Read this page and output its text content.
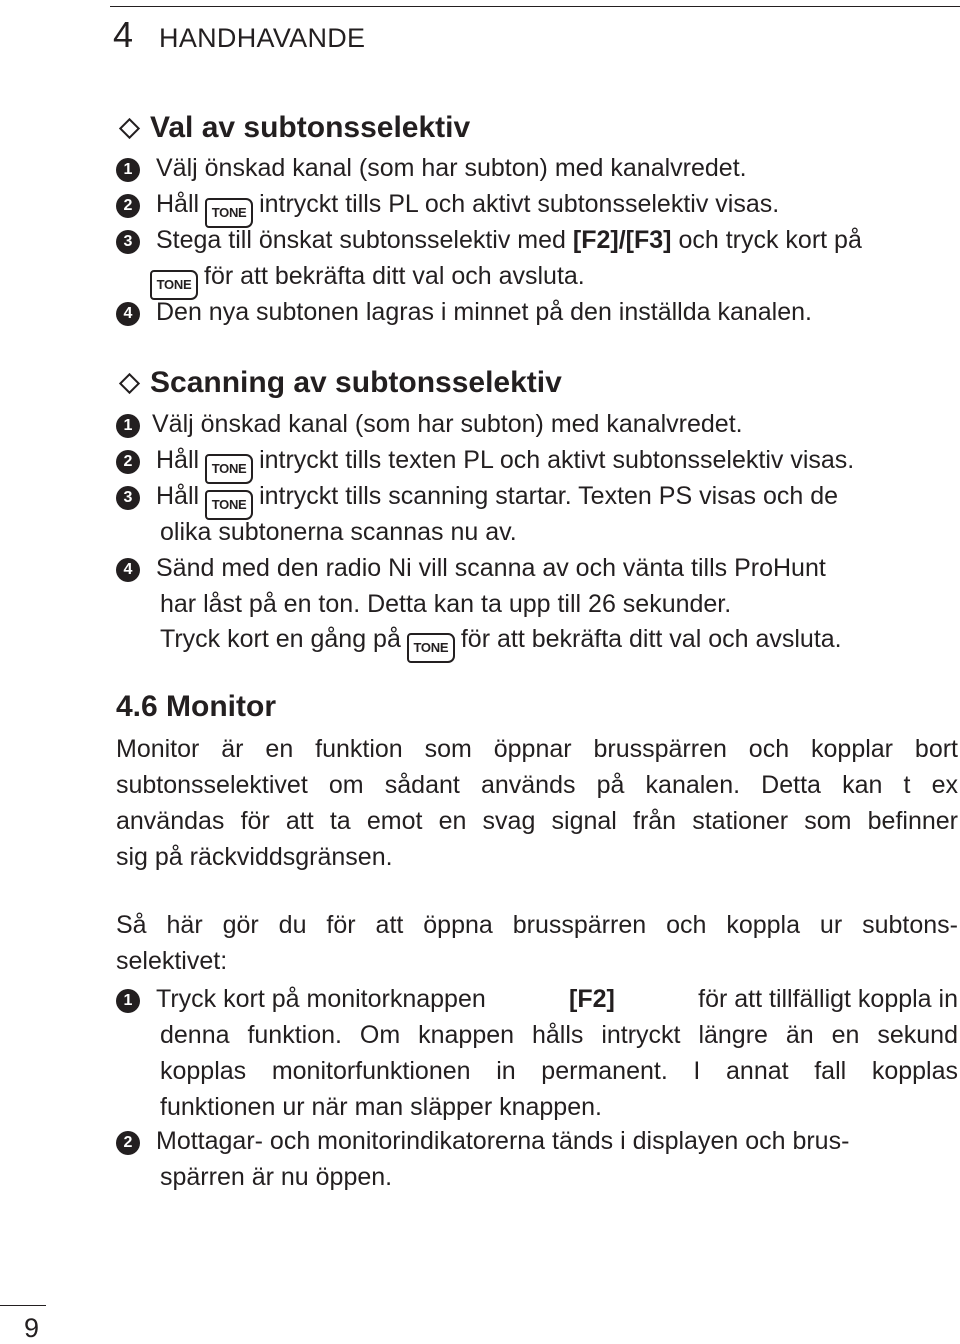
4 HANDHAVANDE
Val av subtonsselektiv
1 Välj önskad kanal (som har subton) med kanalvredet.
2 Håll TONE intryckt tills PL och aktivt subtonsselektiv visas.
3 Stega till önskat subtonsselektiv med [F2]/[F3] och tryck kort på
TONE för att bekräfta ditt val och avsluta.
4 Den nya subtonen lagras i minnet på den inställda kanalen.
Scanning av subtonsselektiv
1 Välj önskad kanal (som har subton) med kanalvredet.
2 Håll TONE intryckt tills texten PL och aktivt subtonsselektiv visas.
3 Håll TONE intryckt tills scanning startar. Texten PS visas och de
olika subtonerna scannas nu av.
4 Sänd med den radio Ni vill scanna av och vänta tills ProHunt
har låst på en ton. Detta kan ta upp till 26 sekunder.
Tryck kort en gång på TONE för att bekräfta ditt val och avsluta.
4.6 Monitor

Monitor är en funktion som öppnar brusspärren och kopplar bort
subtonsselektivet om sådant används på kanalen. Detta kan t ex
användas för att ta emot en svag signal från stationer som befinner
sig på räckviddsgränsen.

Så här gör du för att öppna brusspärren och koppla ur subtons-
selektivet:

1 Tryck kort på monitorknappen	[F2]	för att tillfälligt koppla in

denna funktion. Om knappen hålls intryckt längre än en sekund
kopplas monitorfunktionen in permanent. I annat fall kopplas
funktionen ur när man släpper knappen.

2 Mottagar- och monitorindikatorerna tänds i displayen och brus-
spärren är nu öppen.
9
